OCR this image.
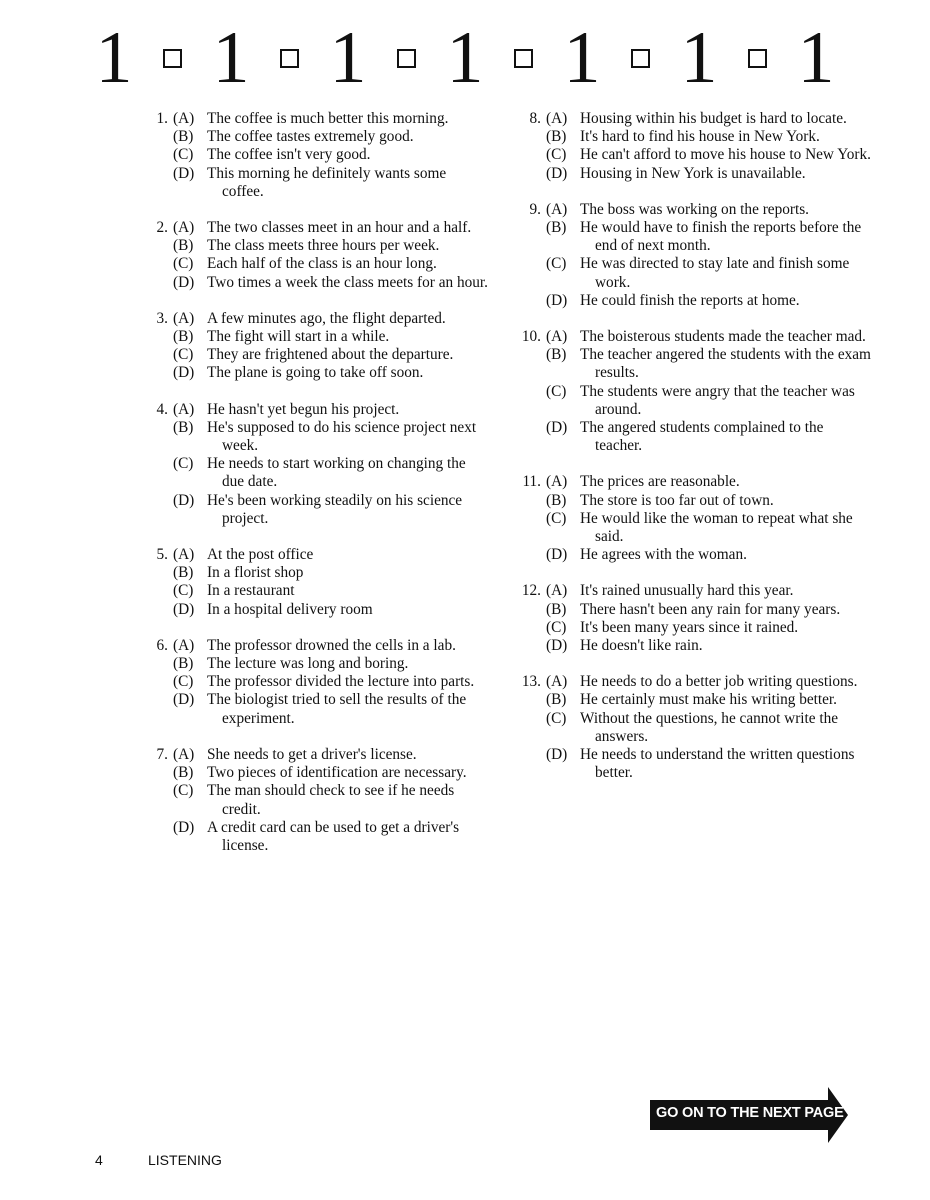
1 1 1 1 1 1 1
1. (A) The coffee is much better this morning.
(B) The coffee tastes extremely good.
(C) The coffee isn't very good.
(D) This morning he definitely wants some coffee.
2. (A) The two classes meet in an hour and a half.
(B) The class meets three hours per week.
(C) Each half of the class is an hour long.
(D) Two times a week the class meets for an hour.
3. (A) A few minutes ago, the flight departed.
(B) The fight will start in a while.
(C) They are frightened about the departure.
(D) The plane is going to take off soon.
4. (A) He hasn't yet begun his project.
(B) He's supposed to do his science project next week.
(C) He needs to start working on changing the due date.
(D) He's been working steadily on his science project.
5. (A) At the post office
(B) In a florist shop
(C) In a restaurant
(D) In a hospital delivery room
6. (A) The professor drowned the cells in a lab.
(B) The lecture was long and boring.
(C) The professor divided the lecture into parts.
(D) The biologist tried to sell the results of the experiment.
7. (A) She needs to get a driver's license.
(B) Two pieces of identification are necessary.
(C) The man should check to see if he needs credit.
(D) A credit card can be used to get a driver's license.
8. (A) Housing within his budget is hard to locate.
(B) It's hard to find his house in New York.
(C) He can't afford to move his house to New York.
(D) Housing in New York is unavailable.
9. (A) The boss was working on the reports.
(B) He would have to finish the reports before the end of next month.
(C) He was directed to stay late and finish some work.
(D) He could finish the reports at home.
10. (A) The boisterous students made the teacher mad.
(B) The teacher angered the students with the exam results.
(C) The students were angry that the teacher was around.
(D) The angered students complained to the teacher.
11. (A) The prices are reasonable.
(B) The store is too far out of town.
(C) He would like the woman to repeat what she said.
(D) He agrees with the woman.
12. (A) It's rained unusually hard this year.
(B) There hasn't been any rain for many years.
(C) It's been many years since it rained.
(D) He doesn't like rain.
13. (A) He needs to do a better job writing questions.
(B) He certainly must make his writing better.
(C) Without the questions, he cannot write the answers.
(D) He needs to understand the written questions better.
4	LISTENING
GO ON TO THE NEXT PAGE
